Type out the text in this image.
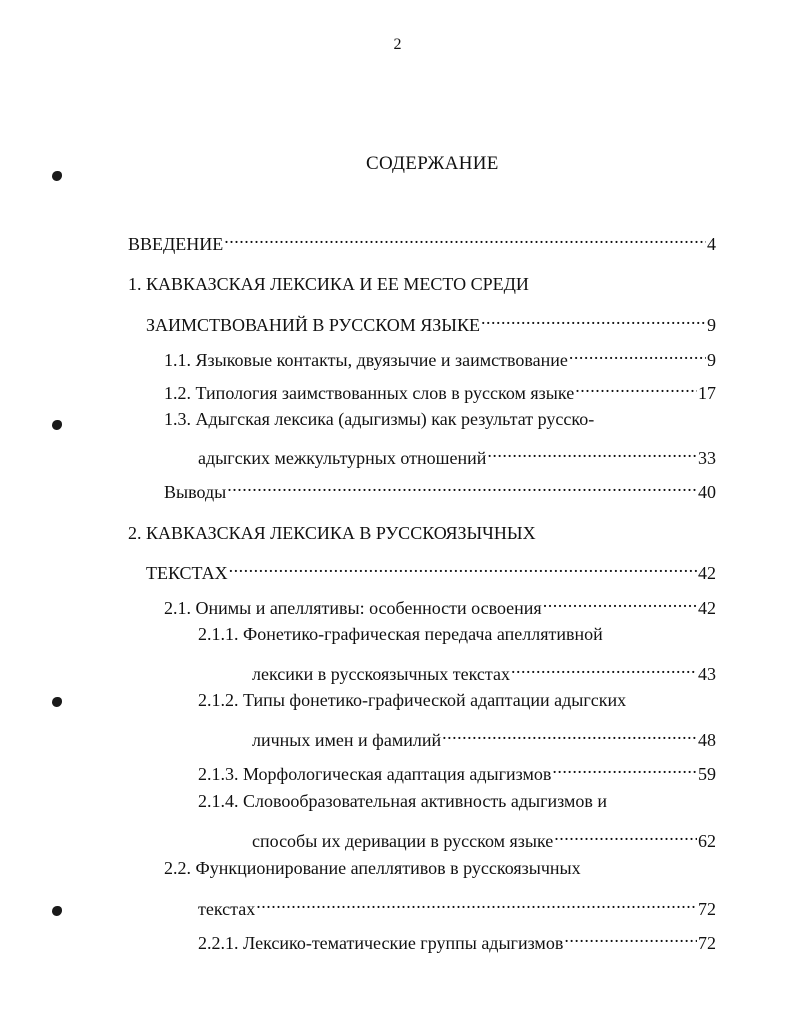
2
СОДЕРЖАНИЕ
ВВЕДЕНИЕ .....	4
1. КАВКАЗСКАЯ ЛЕКСИКА И ЕЕ МЕСТО СРЕДИ
ЗАИМСТВОВАНИЙ В РУССКОМ ЯЗЫКЕ .....	9
1.1. Языковые контакты, двуязычие и заимствование .....	9
1.2. Типология заимствованных слов в русском языке .....	17
1.3. Адыгская лексика (адыгизмы) как результат русско-
адыгских межкультурных отношений .....	33
Выводы .....	40
2. КАВКАЗСКАЯ ЛЕКСИКА В РУССКОЯЗЫЧНЫХ
ТЕКСТАХ .....	42
2.1. Онимы и апеллятивы: особенности освоения .....	42
2.1.1. Фонетико-графическая передача апеллятивной
лексики в русскоязычных текстах .....	43
2.1.2. Типы фонетико-графической адаптации адыгских
личных имен и фамилий .....	48
2.1.3. Морфологическая адаптация адыгизмов .....	59
2.1.4. Словообразовательная активность адыгизмов и
способы их деривации в русском языке .....	62
2.2. Функционирование апеллятивов в русскоязычных
текстах .....	72
2.2.1. Лексико-тематические группы адыгизмов .....	72
